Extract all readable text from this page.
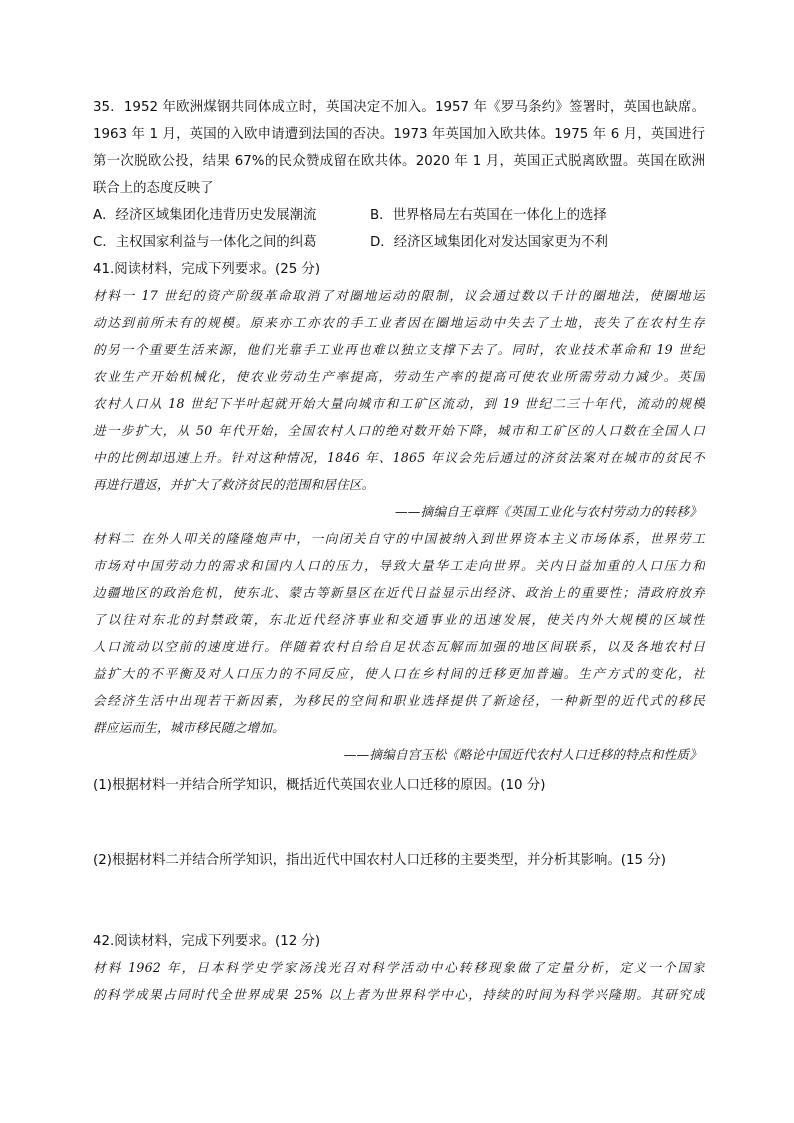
35．1952 年欧洲煤钢共同体成立时，英国决定不加入。1957 年《罗马条约》签署时，英国也缺席。
1963 年 1 月，英国的入欧申请遭到法国的否决。1973 年英国加入欧共体。1975 年 6 月，英国进行
第一次脱欧公投，结果 67%的民众赞成留在欧共体。2020 年 1 月，英国正式脱离欧盟。英国在欧洲
联合上的态度反映了
A．经济区域集团化违背历史发展潮流	B．世界格局左右英国在一体化上的选择
C．主权国家利益与一体化之间的纠葛	D．经济区域集团化对发达国家更为不利
41.阅读材料，完成下列要求。(25 分)
材料一 17 世纪的资产阶级革命取消了对圈地运动的限制，议会通过数以千计的圈地法，使圈地运
动达到前所未有的规模。原来亦工亦农的手工业者因在圈地运动中失去了土地，丧失了在农村生存
的另一个重要生活来源，他们光靠手工业再也难以独立支撑下去了。同时，农业技术革命和 19 世纪
农业生产开始机械化，使农业劳动生产率提高，劳动生产率的提高可使农业所需劳动力减少。英国
农村人口从 18 世纪下半叶起就开始大量向城市和工矿区流动，到 19 世纪二三十年代，流动的规模
进一步扩大，从 50 年代开始，全国农村人口的绝对数开始下降，城市和工矿区的人口数在全国人口
中的比例却迅速上升。针对这种情况，1846 年、1865 年议会先后通过的济贫法案对在城市的贫民不
再进行遣返，并扩大了救济贫民的范围和居住区。
——摘编自王章辉《英国工业化与农村劳动力的转移》
材料二 在外人叩关的隆隆炮声中，一向闭关自守的中国被纳入到世界资本主义市场体系，世界劳工
市场对中国劳动力的需求和国内人口的压力，导致大量华工走向世界。关内日益加重的人口压力和
边疆地区的政治危机，使东北、蒙古等新垦区在近代日益显示出经济、政治上的重要性；清政府放弃
了以往对东北的封禁政策，东北近代经济事业和交通事业的迅速发展，使关内外大规模的区域性
人口流动以空前的速度进行。伴随着农村自给自足状态瓦解而加强的地区间联系，以及各地农村日
益扩大的不平衡及对人口压力的不同反应，使人口在乡村间的迁移更加普遍。生产方式的变化，社
会经济生活中出现若干新因素，为移民的空间和职业选择提供了新途径，一种新型的近代式的移民
群应运而生，城市移民随之增加。
——摘编自宫玉松《略论中国近代农村人口迁移的特点和性质》
(1)根据材料一并结合所学知识，概括近代英国农业人口迁移的原因。(10 分)
(2)根据材料二并结合所学知识，指出近代中国农村人口迁移的主要类型，并分析其影响。(15 分)
42.阅读材料，完成下列要求。(12 分)
材料 1962 年，日本科学史学家汤浅光召对科学活动中心转移现象做了定量分析，定义一个国家
的科学成果占同时代全世界成果 25% 以上者为世界科学中心，持续的时间为科学兴隆期。其研究成
